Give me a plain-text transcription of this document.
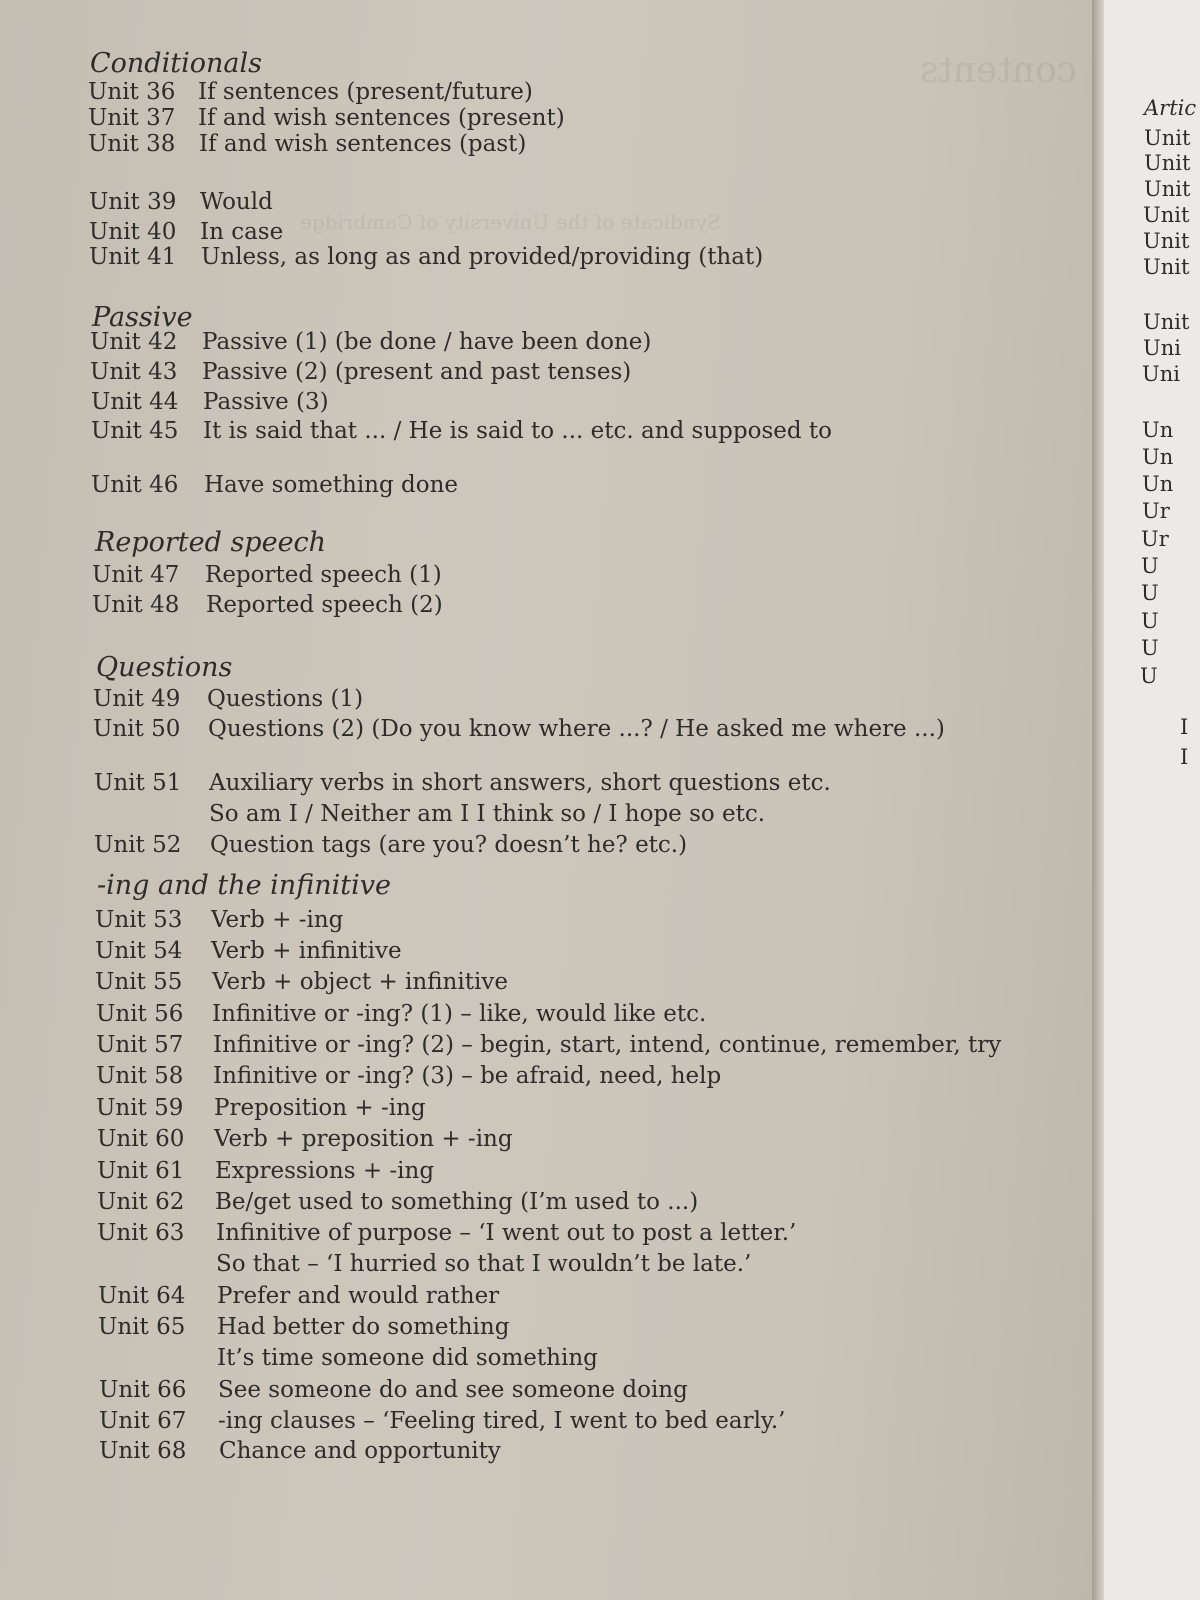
contents
Syndicate of the University of Cambridge
Conditionals
Unit 36 If sentences (present/future)
Unit 37 If and wish sentences (present)
Unit 38 If and wish sentences (past)
Unit 39 Would
Unit 40 In case
Unit 41 Unless, as long as and provided/providing (that)
Passive
Unit 42 Passive (1) (be done / have been done)
Unit 43 Passive (2) (present and past tenses)
Unit 44 Passive (3)
Unit 45 It is said that ... / He is said to ... etc. and supposed to
Unit 46 Have something done
Reported speech
Unit 47 Reported speech (1)
Unit 48 Reported speech (2)
Questions
Unit 49 Questions (1)
Unit 50 Questions (2) (Do you know where ...? / He asked me where ...)
Unit 51 Auxiliary verbs in short answers, short questions etc.
So am I / Neither am I I think so / I hope so etc.
Unit 52 Question tags (are you? doesn’t he? etc.)
-ing and the infinitive
Unit 53 Verb + -ing
Unit 54 Verb + infinitive
Unit 55 Verb + object + infinitive
Unit 56 Infinitive or -ing? (1) – like, would like etc.
Unit 57 Infinitive or -ing? (2) – begin, start, intend, continue, remember, try
Unit 58 Infinitive or -ing? (3) – be afraid, need, help
Unit 59 Preposition + -ing
Unit 60 Verb + preposition + -ing
Unit 61 Expressions + -ing
Unit 62 Be/get used to something (I’m used to ...)
Unit 63 Infinitive of purpose – ‘I went out to post a letter.’
So that – ‘I hurried so that I wouldn’t be late.’
Unit 64 Prefer and would rather
Unit 65 Had better do something
It’s time someone did something
Unit 66 See someone do and see someone doing
Unit 67 -ing clauses – ‘Feeling tired, I went to bed early.’
Unit 68 Chance and opportunity
Artic
Unit
Unit
Unit
Unit
Unit
Unit
Unit
Uni
Uni
Un
Un
Un
Ur
Ur
U
U
U
U
U
I
I
